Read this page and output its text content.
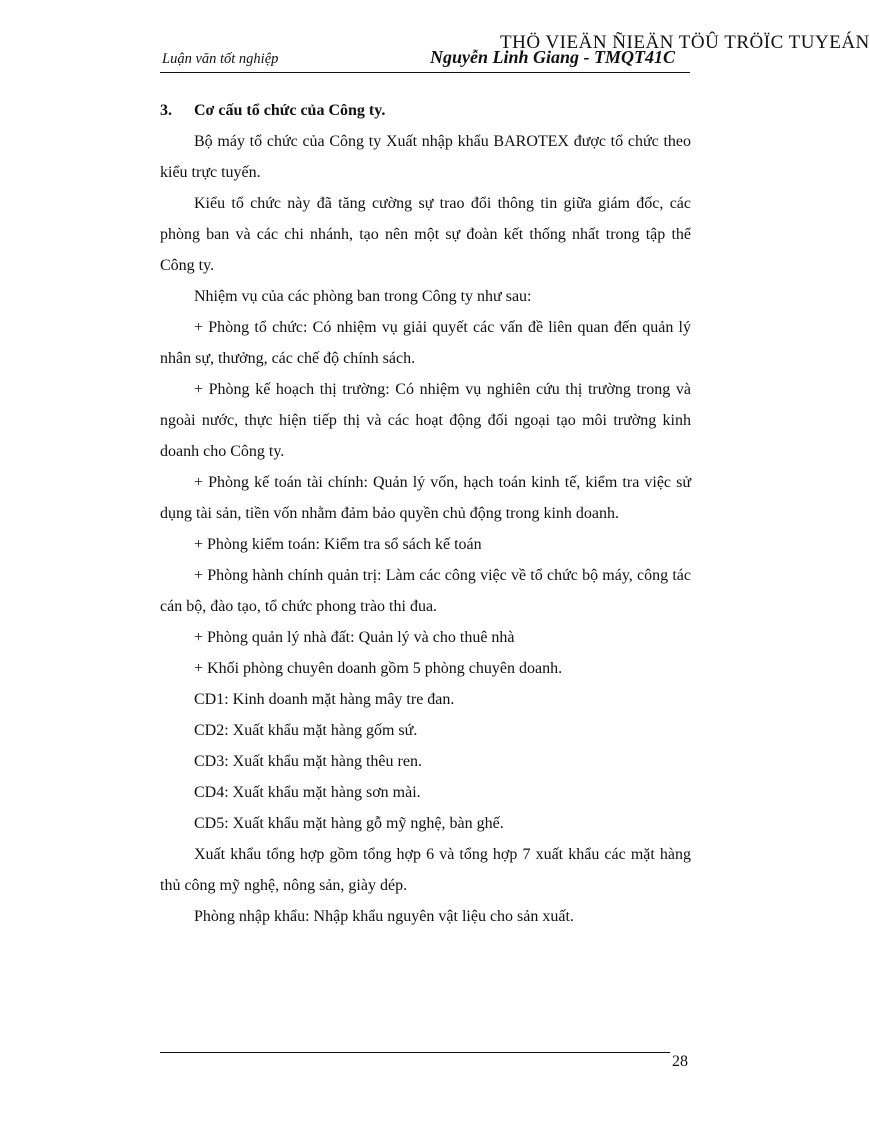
THÖ VIEÄN ÑIEÄN TÖÛ TRÖÏC TUYEÁN
Luận văn tốt nghiệp	Nguyễn Linh Giang - TMQT41C

3.	Cơ cấu tổ chức của Công ty.

Bộ máy tổ chức của Công ty Xuất nhập khẩu BAROTEX được tổ chức theo kiểu trực tuyến.

Kiểu tổ chức này đã tăng cường sự trao đổi thông tin giữa giám đốc, các phòng ban và các chi nhánh, tạo nên một sự đoàn kết thống nhất trong tập thể Công ty.

Nhiệm vụ của các phòng ban trong Công ty như sau:

+ Phòng tổ chức: Có nhiệm vụ giải quyết các vấn đề liên quan đến quản lý nhân sự, thưởng, các chế độ chính sách.

+ Phòng kế hoạch thị trường: Có nhiệm vụ nghiên cứu thị trường trong và ngoài nước, thực hiện tiếp thị và các hoạt động đối ngoại tạo môi trường kinh doanh cho Công ty.

+ Phòng kế toán tài chính: Quản lý vốn, hạch toán kinh tế, kiểm tra việc sử dụng tài sản, tiền vốn nhằm đảm bảo quyền chủ động trong kinh doanh.

+ Phòng kiểm toán: Kiểm tra sổ sách kế toán

+ Phòng hành chính quản trị: Làm các công việc về tổ chức bộ máy, công tác cán bộ, đào tạo, tổ chức phong trào thi đua.

+ Phòng quản lý nhà đất: Quản lý và cho thuê nhà

+ Khối phòng chuyên doanh gồm 5 phòng chuyên doanh.

CD1: Kinh doanh mặt hàng mây tre đan.

CD2: Xuất khẩu mặt hàng gốm sứ.

CD3: Xuất khẩu mặt hàng thêu ren.

CD4: Xuất khẩu mặt hàng sơn mài.

CD5: Xuất khẩu mặt hàng gỗ mỹ nghệ, bàn ghế.

Xuất khẩu tổng hợp gồm tổng hợp 6 và tổng hợp 7 xuất khẩu các mặt hàng thủ công mỹ nghệ, nông sản, giày dép.

Phòng nhập khẩu: Nhập khẩu nguyên vật liệu cho sản xuất.

28
